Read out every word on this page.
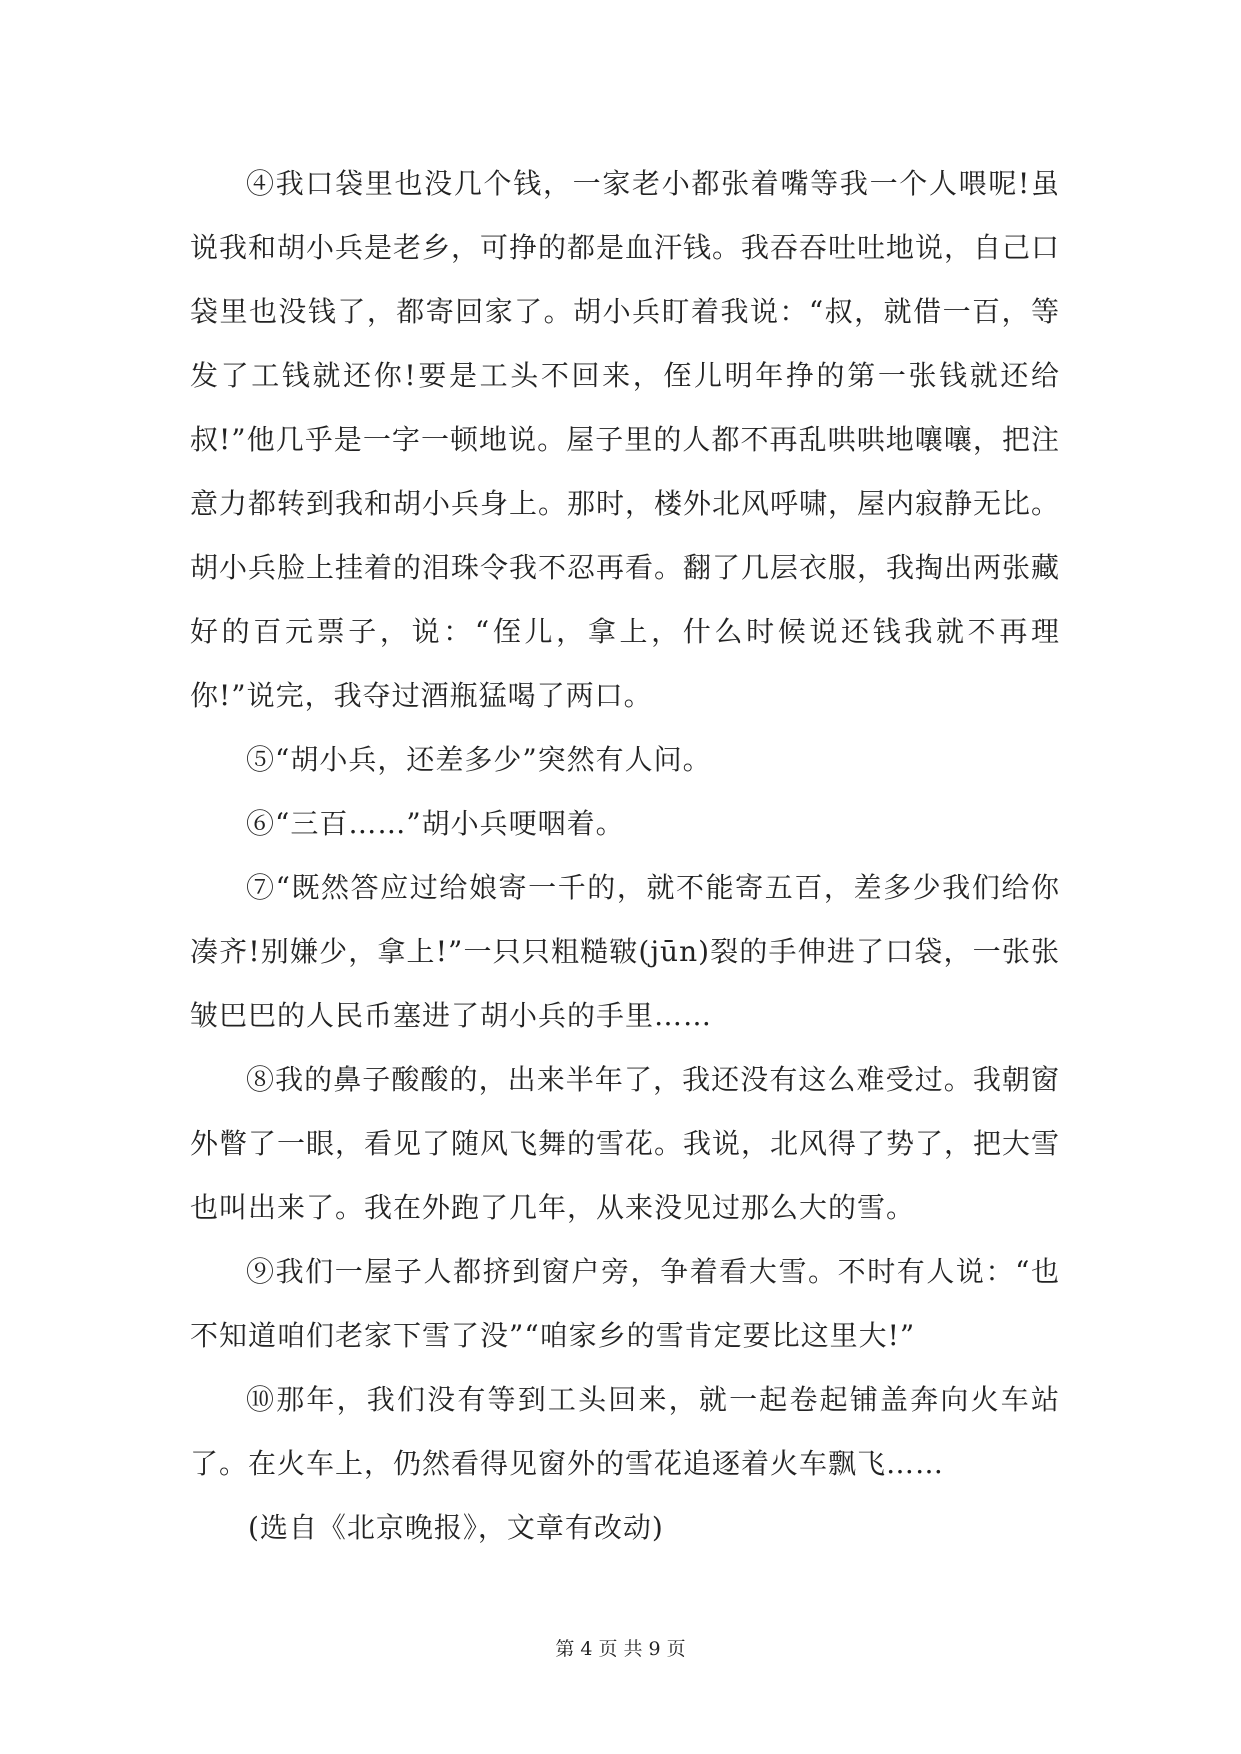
④我口袋里也没几个钱，一家老小都张着嘴等我一个人喂呢!虽说我和胡小兵是老乡，可挣的都是血汗钱。我吞吞吐吐地说，自己口袋里也没钱了，都寄回家了。胡小兵盯着我说：“叔，就借一百，等发了工钱就还你!要是工头不回来，侄儿明年挣的第一张钱就还给叔!”他几乎是一字一顿地说。屋子里的人都不再乱哄哄地嚷嚷，把注意力都转到我和胡小兵身上。那时，楼外北风呼啸，屋内寂静无比。胡小兵脸上挂着的泪珠令我不忍再看。翻了几层衣服，我掏出两张藏好的百元票子，说：“侄儿，拿上，什么时候说还钱我就不再理你!”说完，我夺过酒瓶猛喝了两口。

⑤“胡小兵，还差多少”突然有人问。

⑥“三百……”胡小兵哽咽着。

⑦“既然答应过给娘寄一千的，就不能寄五百，差多少我们给你凑齐!别嫌少，拿上!”一只只粗糙皲(jūn)裂的手伸进了口袋，一张张皱巴巴的人民币塞进了胡小兵的手里……

⑧我的鼻子酸酸的，出来半年了，我还没有这么难受过。我朝窗外瞥了一眼，看见了随风飞舞的雪花。我说，北风得了势了，把大雪也叫出来了。我在外跑了几年，从来没见过那么大的雪。

⑨我们一屋子人都挤到窗户旁，争着看大雪。不时有人说：“也不知道咱们老家下雪了没”“咱家乡的雪肯定要比这里大!”

⑩那年，我们没有等到工头回来，就一起卷起铺盖奔向火车站了。在火车上，仍然看得见窗外的雪花追逐着火车飘飞……

(选自《北京晚报》，文章有改动)

第 4 页 共 9 页
